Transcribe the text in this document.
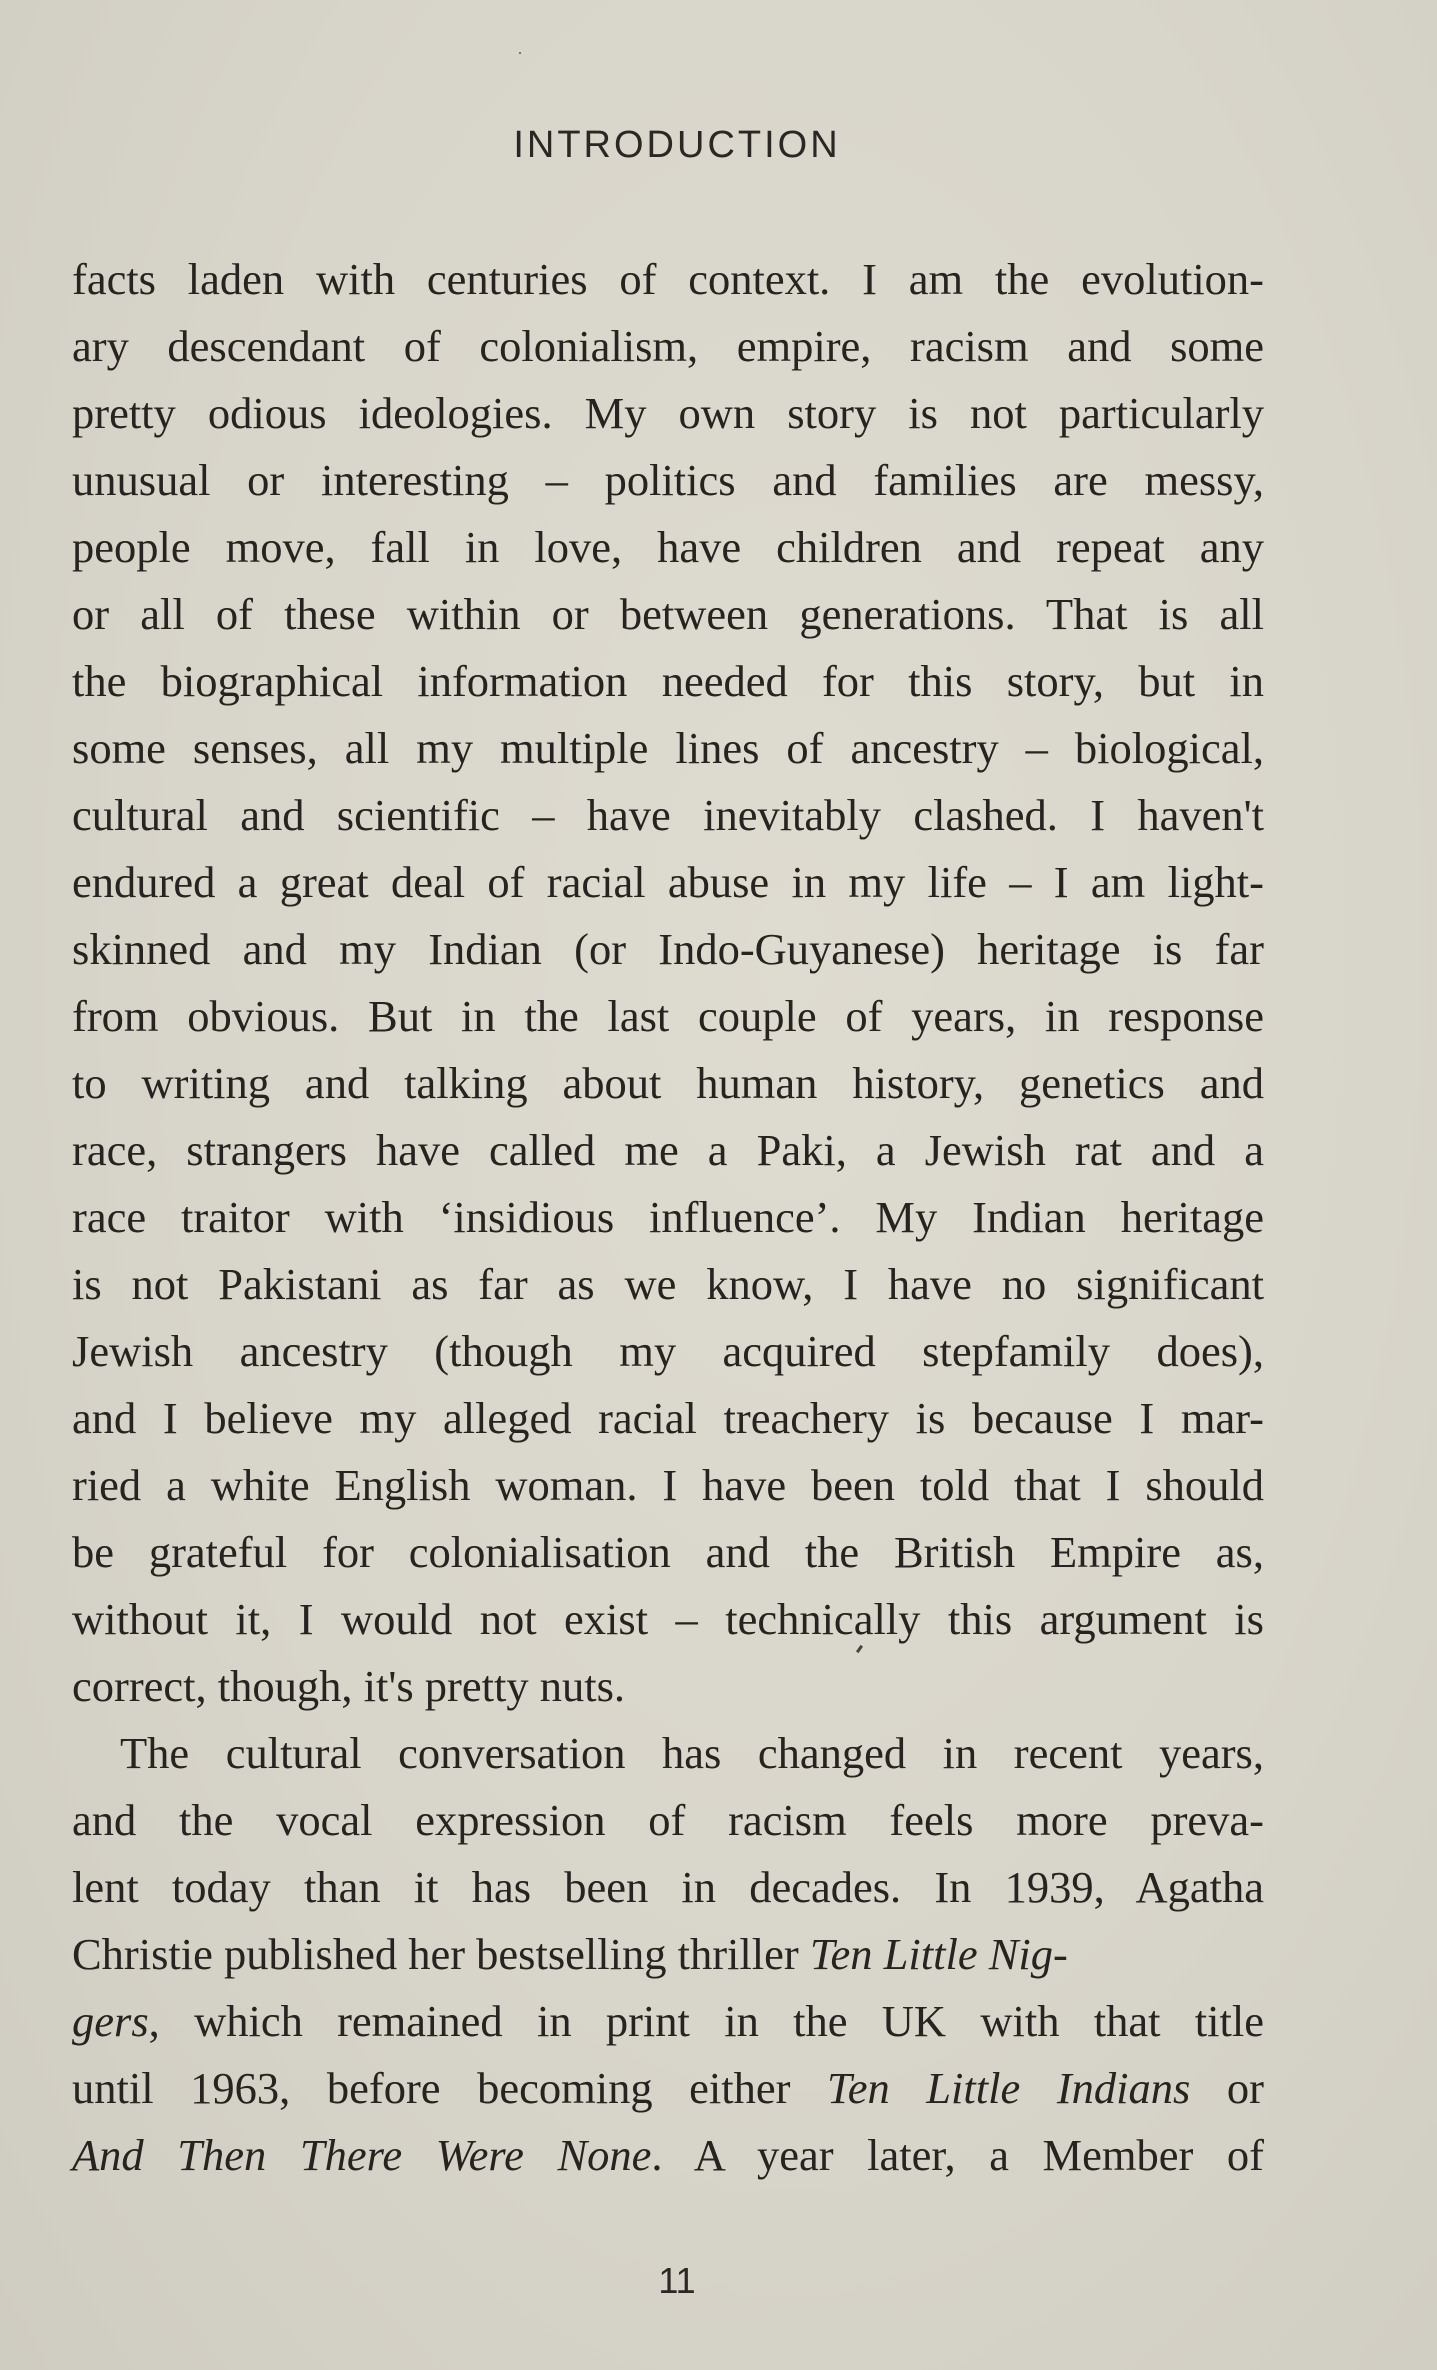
INTRODUCTION
facts laden with centuries of context. I am the evolution-
ary descendant of colonialism, empire, racism and some
pretty odious ideologies. My own story is not particularly
unusual or interesting – politics and families are messy,
people move, fall in love, have children and repeat any
or all of these within or between generations. That is all
the biographical information needed for this story, but in
some senses, all my multiple lines of ancestry – biological,
cultural and scientific – have inevitably clashed. I haven't
endured a great deal of racial abuse in my life – I am light-
skinned and my Indian (or Indo-Guyanese) heritage is far
from obvious. But in the last couple of years, in response
to writing and talking about human history, genetics and
race, strangers have called me a Paki, a Jewish rat and a
race traitor with ‘insidious influence’. My Indian heritage
is not Pakistani as far as we know, I have no significant
Jewish ancestry (though my acquired stepfamily does),
and I believe my alleged racial treachery is because I mar-
ried a white English woman. I have been told that I should
be grateful for colonialisation and the British Empire as,
without it, I would not exist – technically this argument is
correct, though, it's pretty nuts.
The cultural conversation has changed in recent years,
and the vocal expression of racism feels more preva-
lent today than it has been in decades. In 1939, Agatha
Christie published her bestselling thriller Ten Little Nig-
gers, which remained in print in the UK with that title
until 1963, before becoming either Ten Little Indians or
And Then There Were None. A year later, a Member of
11
